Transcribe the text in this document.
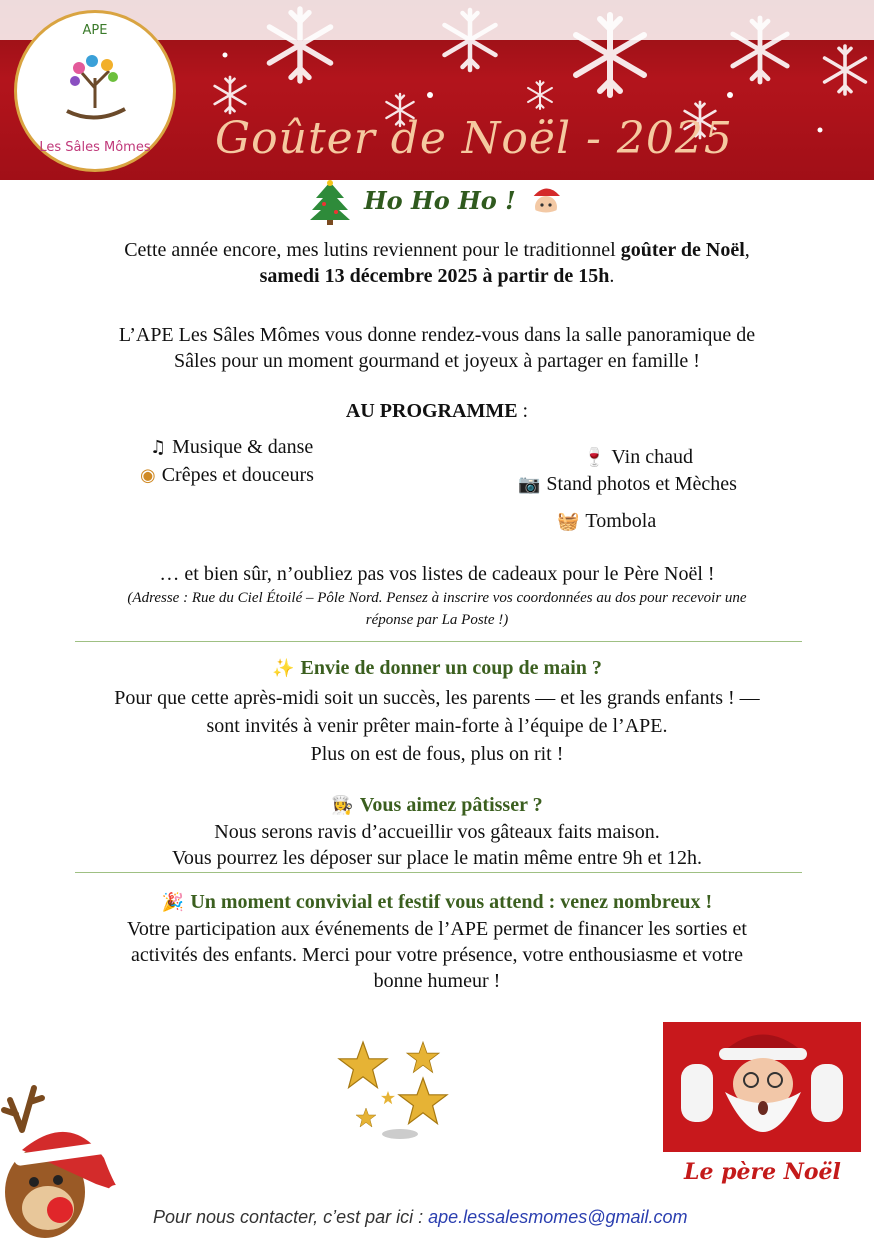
APE
Les Sâles Mômes Goûter de Noël - 2025
Ho Ho Ho !
Cette année encore, mes lutins reviennent pour le traditionnel goûter de Noël,
samedi 13 décembre 2025 à partir de 15h.
L’APE Les Sâles Mômes vous donne rendez-vous dans la salle panoramique de
Sâles pour un moment gourmand et joyeux à partager en famille !
AU PROGRAMME :
♫ Musique & danse
◉ Crêpes et douceurs
🍷 Vin chaud
📷 Stand photos et Mèches
🧺 Tombola
… et bien sûr, n’oubliez pas vos listes de cadeaux pour le Père Noël !
(Adresse : Rue du Ciel Étoilé – Pôle Nord. Pensez à inscrire vos coordonnées au dos pour recevoir une
réponse par La Poste !)
✨ Envie de donner un coup de main ?
Pour que cette après-midi soit un succès, les parents — et les grands enfants ! —
sont invités à venir prêter main-forte à l’équipe de l’APE.
Plus on est de fous, plus on rit !
👩‍🍳 Vous aimez pâtisser ?
Nous serons ravis d’accueillir vos gâteaux faits maison.
Vous pourrez les déposer sur place le matin même entre 9h et 12h.
🎉 Un moment convivial et festif vous attend : venez nombreux !
Votre participation aux événements de l’APE permet de financer les sorties et
activités des enfants. Merci pour votre présence, votre enthousiasme et votre
bonne humeur !
Le père Noël
Pour nous contacter, c’est par ici : ape.lessalesmomes@gmail.com
